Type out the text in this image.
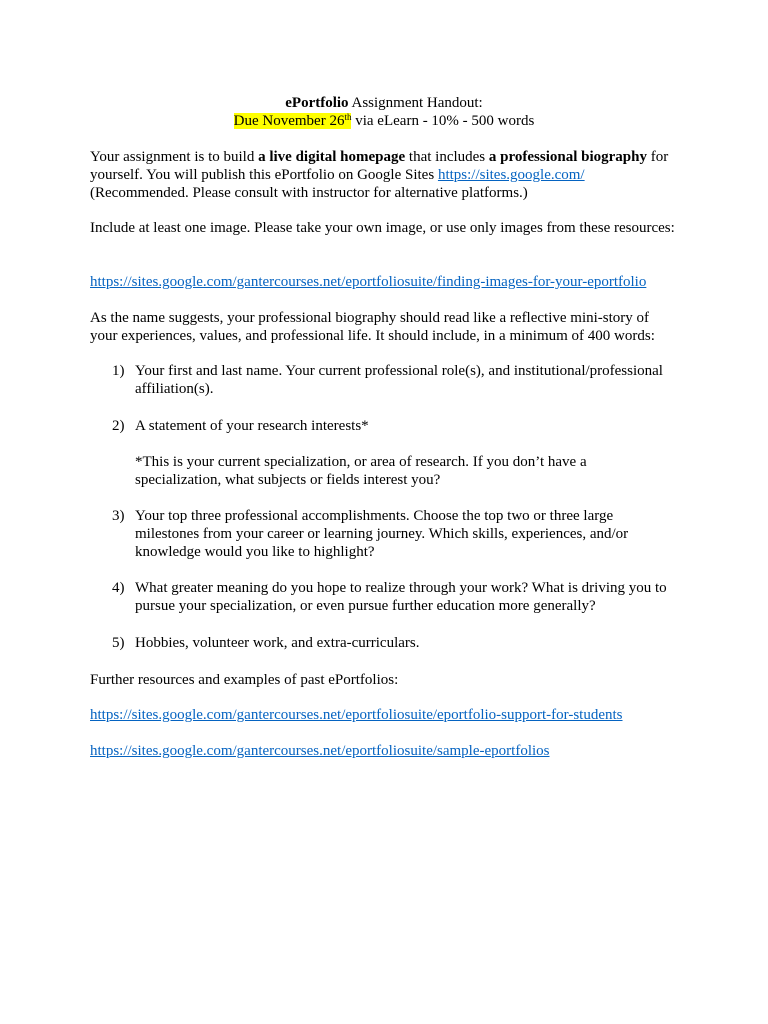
ePortfolio Assignment Handout:
Due November 26th via eLearn - 10% - 500 words
Your assignment is to build a live digital homepage that includes a professional biography for
yourself. You will publish this ePortfolio on Google Sites https://sites.google.com/
(Recommended. Please consult with instructor for alternative platforms.)
Include at least one image. Please take your own image, or use only images from these resources:
https://sites.google.com/gantercourses.net/eportfoliosuite/finding-images-for-your-eportfolio
As the name suggests, your professional biography should read like a reflective mini-story of
your experiences, values, and professional life. It should include, in a minimum of 400 words:
1) Your first and last name. Your current professional role(s), and institutional/professional
affiliation(s).
2) A statement of your research interests*
*This is your current specialization, or area of research. If you don’t have a
specialization, what subjects or fields interest you?
3) Your top three professional accomplishments. Choose the top two or three large
milestones from your career or learning journey. Which skills, experiences, and/or
knowledge would you like to highlight?
4) What greater meaning do you hope to realize through your work? What is driving you to
pursue your specialization, or even pursue further education more generally?
5) Hobbies, volunteer work, and extra-curriculars.
Further resources and examples of past ePortfolios:
https://sites.google.com/gantercourses.net/eportfoliosuite/eportfolio-support-for-students
https://sites.google.com/gantercourses.net/eportfoliosuite/sample-eportfolios
